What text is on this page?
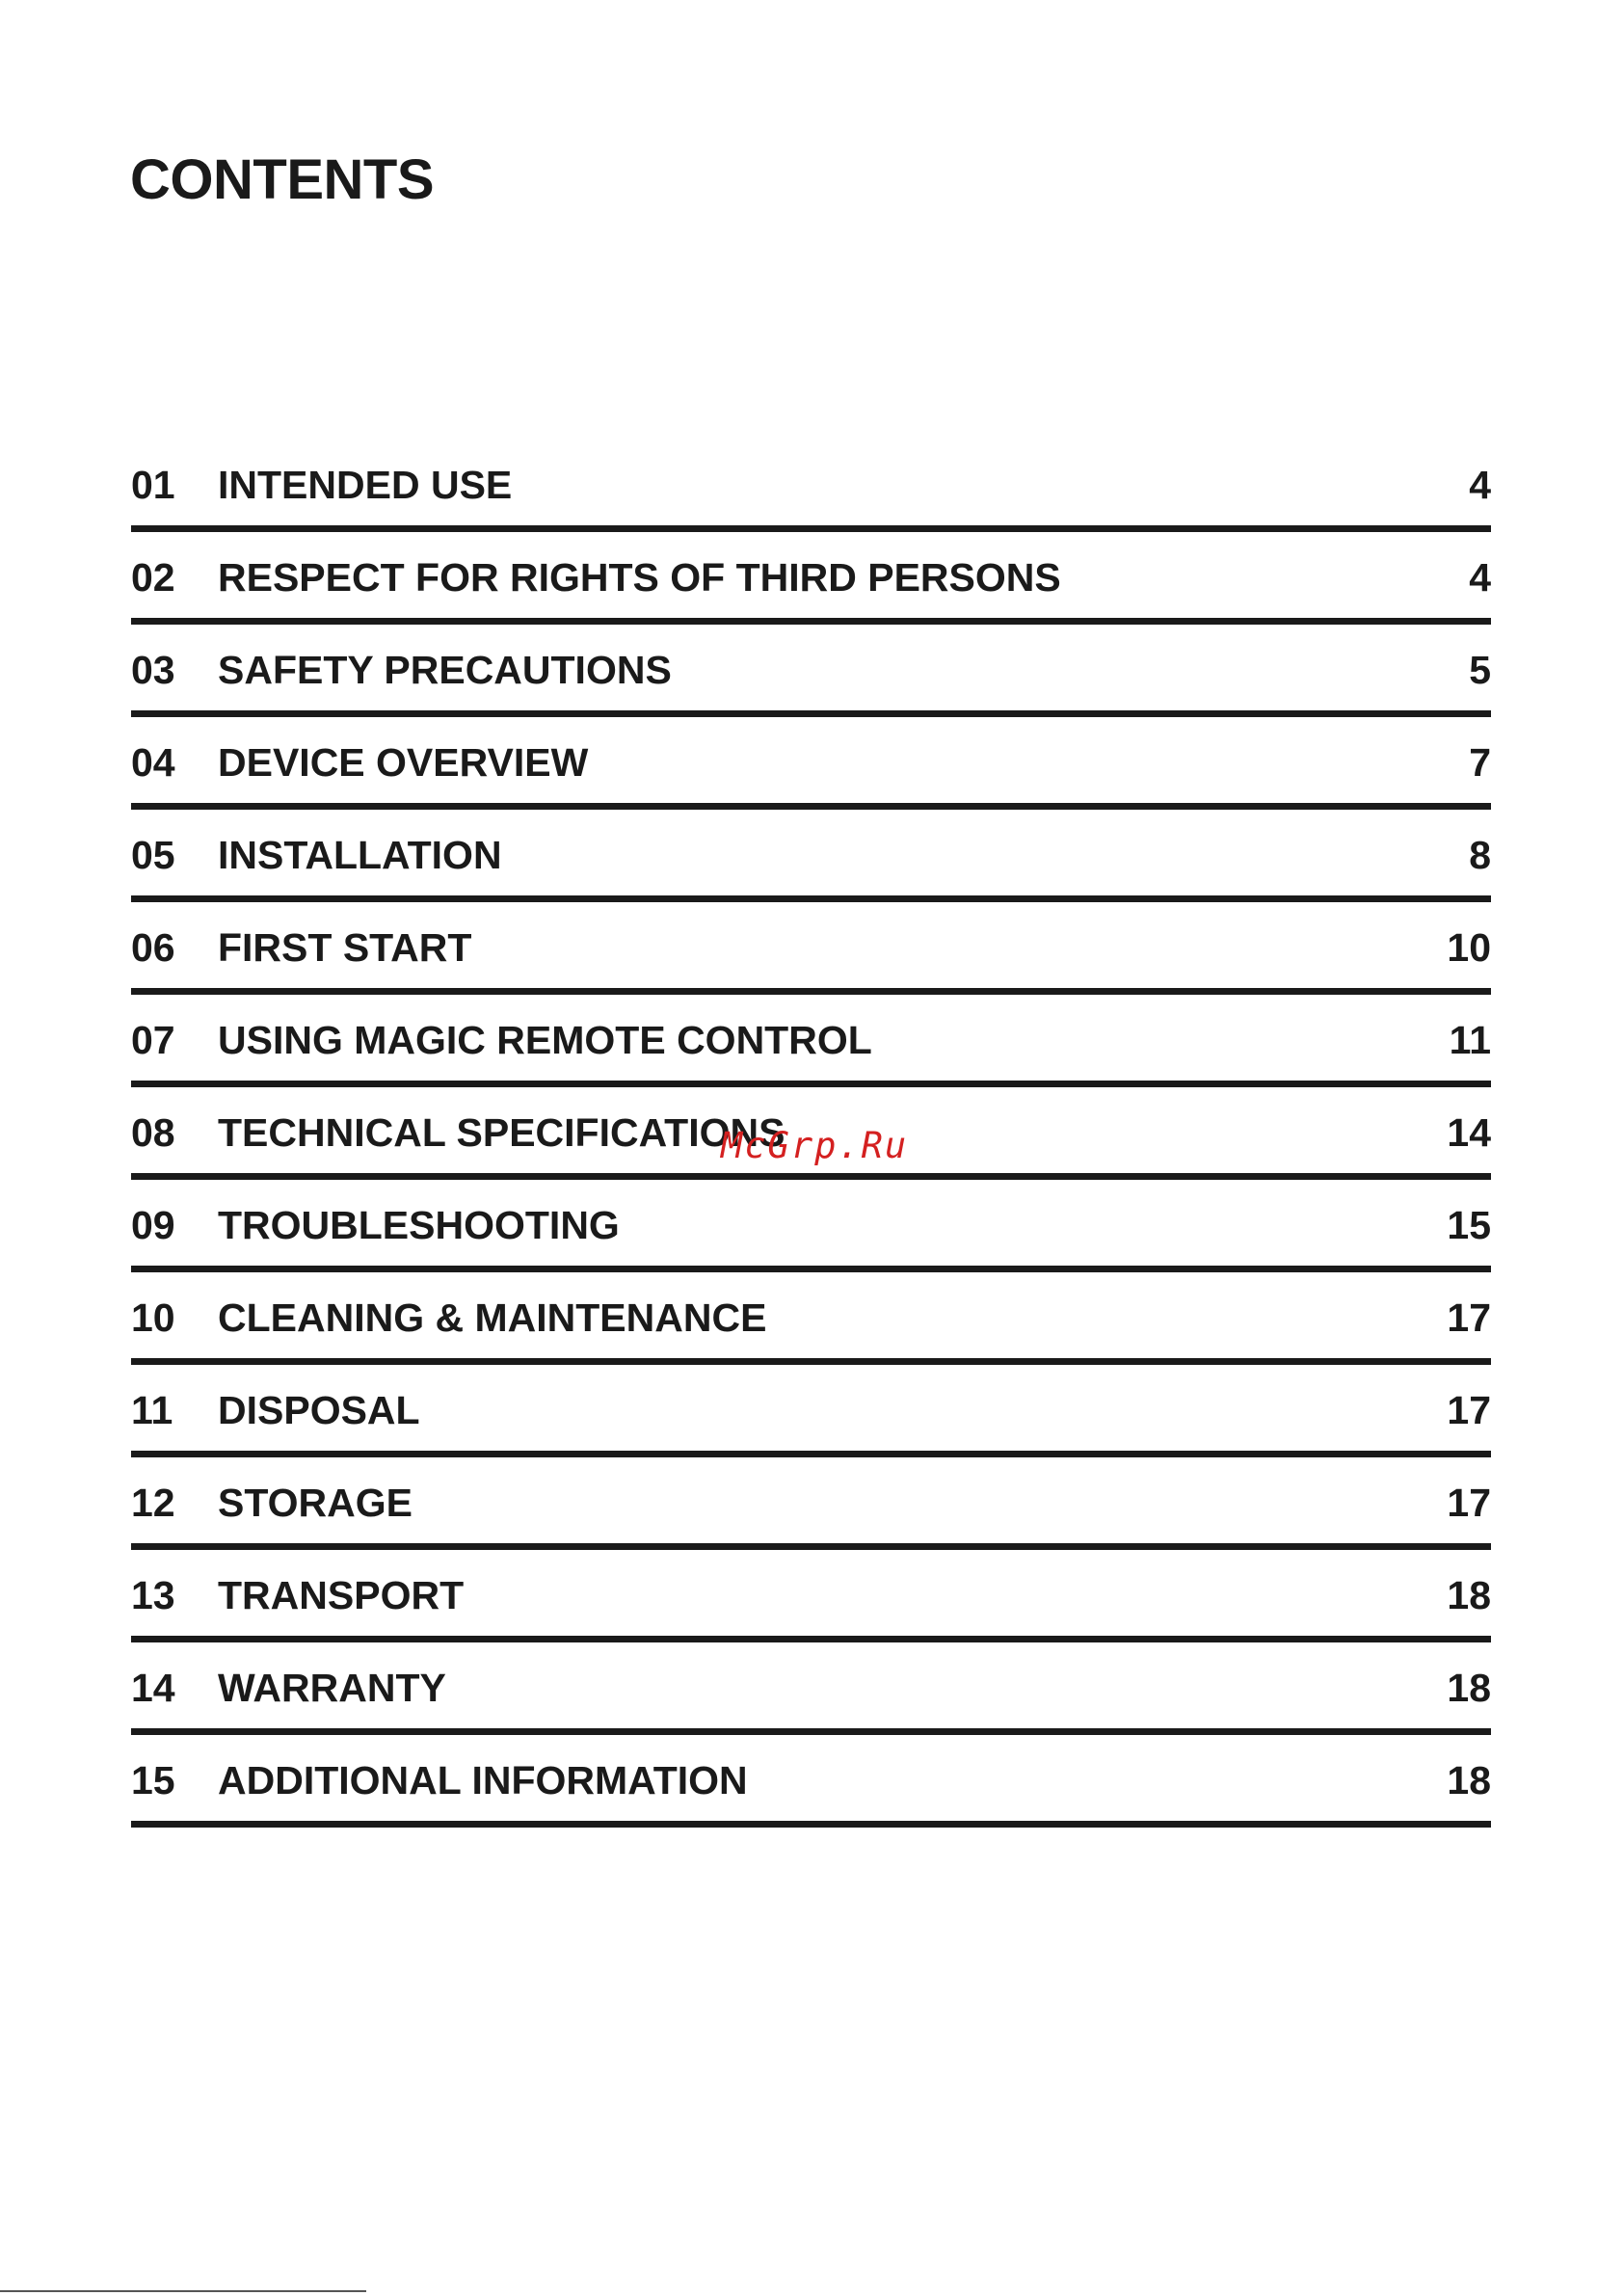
CONTENTS
01 INTENDED USE	4
02 RESPECT FOR RIGHTS OF THIRD PERSONS	4
03 SAFETY PRECAUTIONS	5
04 DEVICE OVERVIEW	7
05 INSTALLATION	8
06 FIRST START	10
07 USING MAGIC REMOTE CONTROL	11
08 TECHNICAL SPECIFICATIONS	14
09 TROUBLESHOOTING	15
10 CLEANING & MAINTENANCE	17
11 DISPOSAL	17
12 STORAGE	17
13 TRANSPORT	18
14 WARRANTY	18
15 ADDITIONAL INFORMATION	18
McGrp.Ru
